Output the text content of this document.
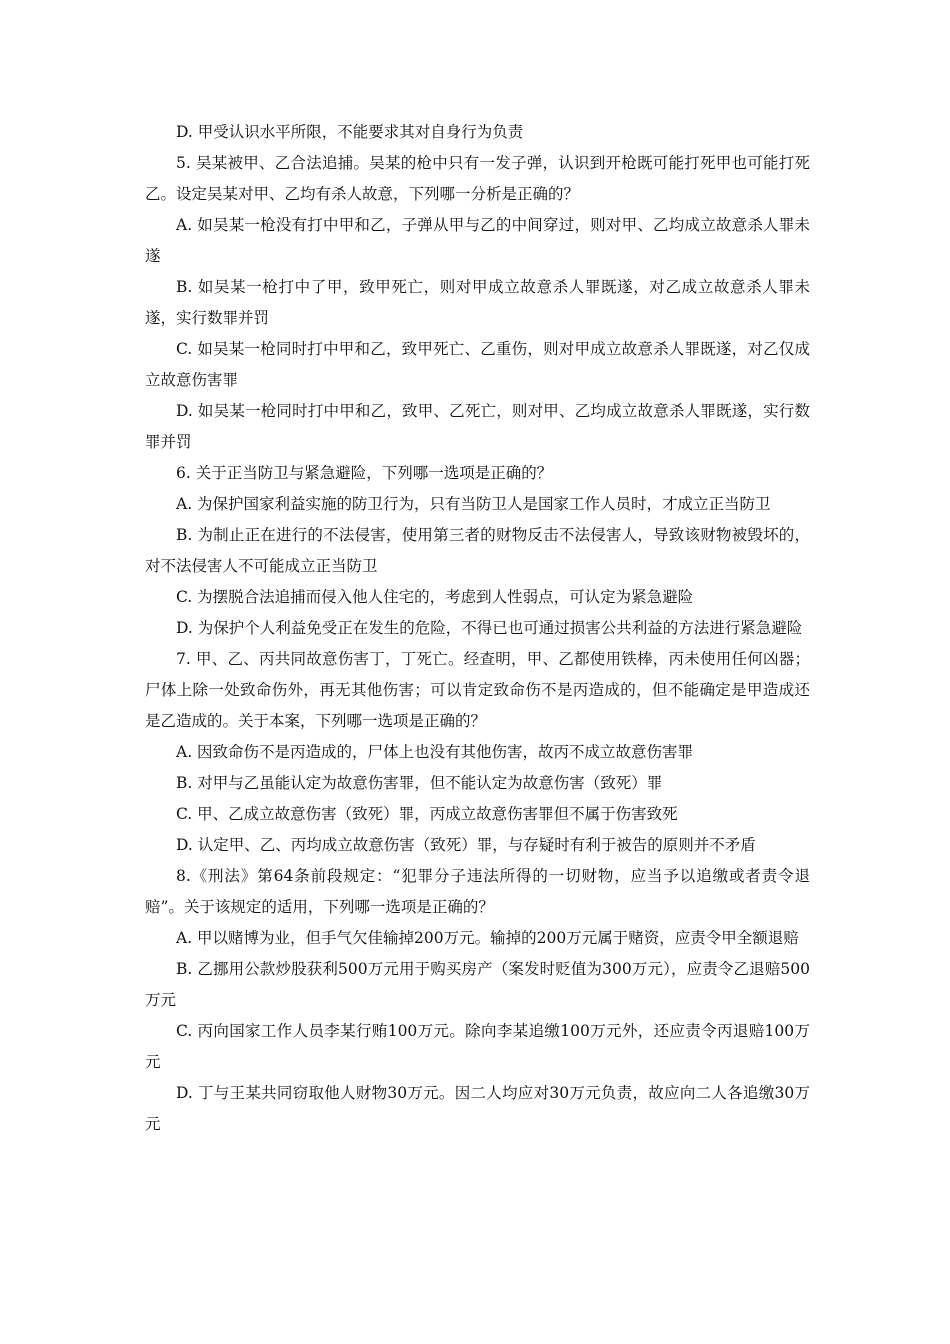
D. 甲受认识水平所限，不能要求其对自身行为负责

5. 吴某被甲、乙合法追捕。吴某的枪中只有一发子弹，认识到开枪既可能打死甲也可能打死乙。设定吴某对甲、乙均有杀人故意，下列哪一分析是正确的？

A. 如吴某一枪没有打中甲和乙，子弹从甲与乙的中间穿过，则对甲、乙均成立故意杀人罪未遂

B. 如吴某一枪打中了甲，致甲死亡，则对甲成立故意杀人罪既遂，对乙成立故意杀人罪未遂，实行数罪并罚

C. 如吴某一枪同时打中甲和乙，致甲死亡、乙重伤，则对甲成立故意杀人罪既遂，对乙仅成立故意伤害罪

D. 如吴某一枪同时打中甲和乙，致甲、乙死亡，则对甲、乙均成立故意杀人罪既遂，实行数罪并罚

6. 关于正当防卫与紧急避险，下列哪一选项是正确的？

A. 为保护国家利益实施的防卫行为，只有当防卫人是国家工作人员时，才成立正当防卫

B. 为制止正在进行的不法侵害，使用第三者的财物反击不法侵害人，导致该财物被毁坏的，对不法侵害人不可能成立正当防卫

C. 为摆脱合法追捕而侵入他人住宅的，考虑到人性弱点，可认定为紧急避险

D. 为保护个人利益免受正在发生的危险，不得已也可通过损害公共利益的方法进行紧急避险

7. 甲、乙、丙共同故意伤害丁，丁死亡。经查明，甲、乙都使用铁棒，丙未使用任何凶器；尸体上除一处致命伤外，再无其他伤害；可以肯定致命伤不是丙造成的，但不能确定是甲造成还是乙造成的。关于本案，下列哪一选项是正确的？

A. 因致命伤不是丙造成的，尸体上也没有其他伤害，故丙不成立故意伤害罪

B. 对甲与乙虽能认定为故意伤害罪，但不能认定为故意伤害（致死）罪

C. 甲、乙成立故意伤害（致死）罪，丙成立故意伤害罪但不属于伤害致死

D. 认定甲、乙、丙均成立故意伤害（致死）罪，与存疑时有利于被告的原则并不矛盾

8.《刑法》第64条前段规定：“犯罪分子违法所得的一切财物，应当予以追缴或者责令退赔”。关于该规定的适用，下列哪一选项是正确的？

A. 甲以赌博为业，但手气欠佳输掉200万元。输掉的200万元属于赌资，应责令甲全额退赔

B. 乙挪用公款炒股获利500万元用于购买房产（案发时贬值为300万元），应责令乙退赔500万元

C. 丙向国家工作人员李某行贿100万元。除向李某追缴100万元外，还应责令丙退赔100万元

D. 丁与王某共同窃取他人财物30万元。因二人均应对30万元负责，故应向二人各追缴30万元
